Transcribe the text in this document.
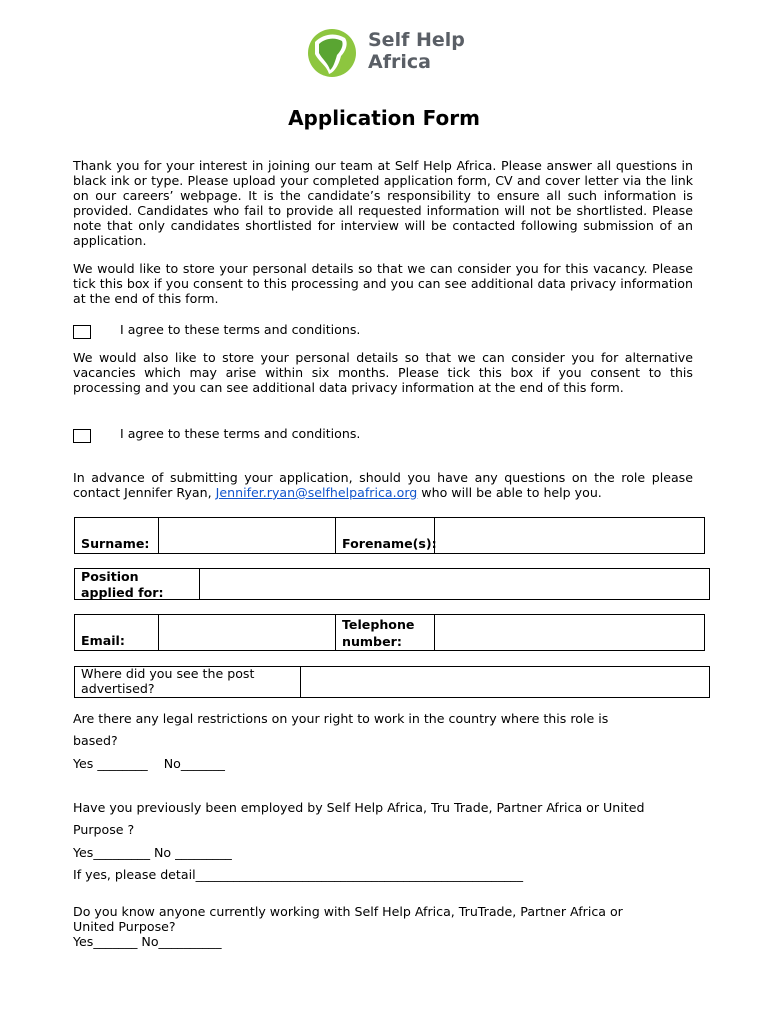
Self Help
Africa
Application Form
Thank you for your interest in joining our team at Self Help Africa. Please answer all questions in black ink or type. Please upload your completed application form, CV and cover letter via the link on our careers’ webpage. It is the candidate’s responsibility to ensure all such information is provided. Candidates who fail to provide all requested information will not be shortlisted. Please note that only candidates shortlisted for interview will be contacted following submission of an application.
We would like to store your personal details so that we can consider you for this vacancy. Please tick this box if you consent to this processing and you can see additional data privacy information at the end of this form.
I agree to these terms and conditions.
We would also like to store your personal details so that we can consider you for alternative vacancies which may arise within six months. Please tick this box if you consent to this processing and you can see additional data privacy information at the end of this form.
I agree to these terms and conditions.
In advance of submitting your application, should you have any questions on the role please contact Jennifer Ryan, Jennifer.ryan@selfhelpafrica.org who will be able to help you.
Surname:	Forename(s):
Position
applied for:
Email:
Telephone
number:
Where did you see the post
advertised?
Are there any legal restrictions on your right to work in the country where this role is
based?
Yes ________    No_______
Have you previously been employed by Self Help Africa, Tru Trade, Partner Africa or United
Purpose ?
Yes_________ No _________
If yes, please detail____________________________________________________
Do you know anyone currently working with Self Help Africa, TruTrade, Partner Africa or
United Purpose?
Yes_______ No__________
